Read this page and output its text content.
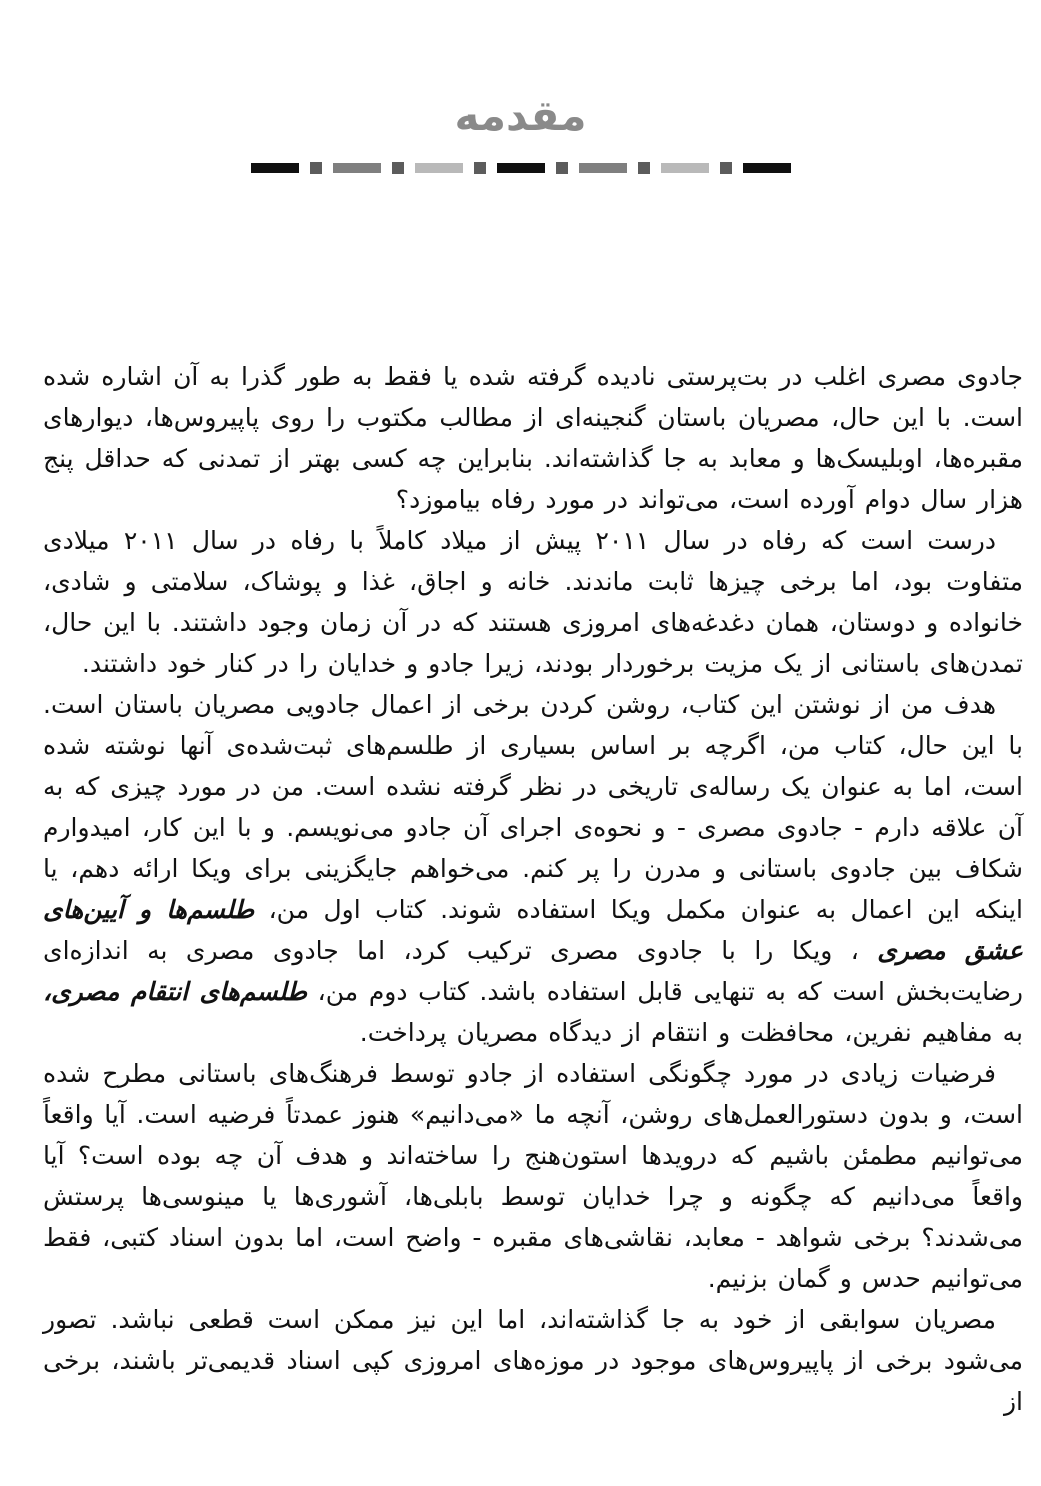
مقدمه

جادوی مصری اغلب در بت‌پرستی نادیده گرفته شده یا فقط به طور گذرا به آن اشاره شده است. با این حال، مصریان باستان گنجینه‌ای از مطالب مکتوب را روی پاپیروس‌ها، دیوارهای مقبره‌ها، اوبلیسک‌ها و معابد به جا گذاشته‌اند. بنابراین چه کسی بهتر از تمدنی که حداقل پنج هزار سال دوام آورده است، می‌تواند در مورد رفاه بیاموزد؟

درست است که رفاه در سال ۲۰۱۱ پیش از میلاد کاملاً با رفاه در سال ۲۰۱۱ میلادی متفاوت بود، اما برخی چیزها ثابت ماندند. خانه و اجاق، غذا و پوشاک، سلامتی و شادی، خانواده و دوستان، همان دغدغه‌های امروزی هستند که در آن زمان وجود داشتند. با این حال، تمدن‌های باستانی از یک مزیت برخوردار بودند، زیرا جادو و خدایان را در کنار خود داشتند.

هدف من از نوشتن این کتاب، روشن کردن برخی از اعمال جادویی مصریان باستان است. با این حال، کتاب من، اگرچه بر اساس بسیاری از طلسم‌های ثبت‌شده‌ی آنها نوشته شده است، اما به عنوان یک رساله‌ی تاریخی در نظر گرفته نشده است. من در مورد چیزی که به آن علاقه دارم - جادوی مصری - و نحوه‌ی اجرای آن جادو می‌نویسم. و با این کار، امیدوارم شکاف بین جادوی باستانی و مدرن را پر کنم. می‌خواهم جایگزینی برای ویکا ارائه دهم، یا اینکه این اعمال به عنوان مکمل ویکا استفاده شوند. کتاب اول من، طلسم‌ها و آیین‌های عشق مصری ، ویکا را با جادوی مصری ترکیب کرد، اما جادوی مصری به اندازه‌ای رضایت‌بخش است که به تنهایی قابل استفاده باشد. کتاب دوم من، طلسم‌های انتقام مصری، به مفاهیم نفرین، محافظت و انتقام از دیدگاه مصریان پرداخت.

فرضیات زیادی در مورد چگونگی استفاده از جادو توسط فرهنگ‌های باستانی مطرح شده است، و بدون دستورالعمل‌های روشن، آنچه ما «می‌دانیم» هنوز عمدتاً فرضیه است. آیا واقعاً می‌توانیم مطمئن باشیم که درویدها استون‌هنج را ساخته‌اند و هدف آن چه بوده است؟ آیا واقعاً می‌دانیم که چگونه و چرا خدایان توسط بابلی‌ها، آشوری‌ها یا مینوسی‌ها پرستش می‌شدند؟ برخی شواهد - معابد، نقاشی‌های مقبره - واضح است، اما بدون اسناد کتبی، فقط می‌توانیم حدس و گمان بزنیم.

مصریان سوابقی از خود به جا گذاشته‌اند، اما این نیز ممکن است قطعی نباشد. تصور می‌شود برخی از پاپیروس‌های موجود در موزه‌های امروزی کپی اسناد قدیمی‌تر باشند، برخی از
